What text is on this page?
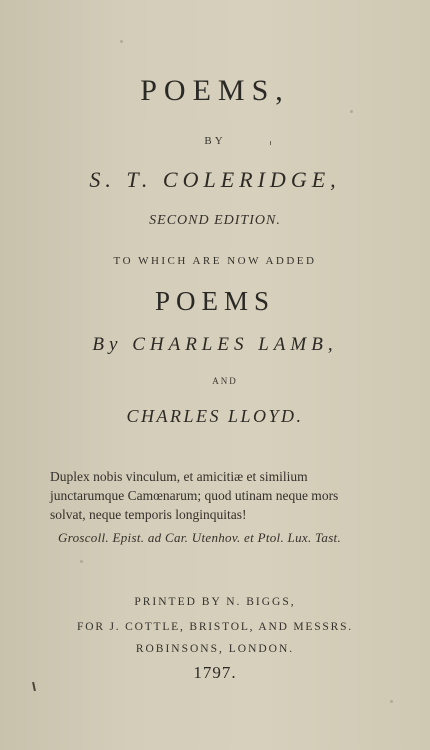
POEMS,
BY
S. T. COLERIDGE,
SECOND EDITION.
TO WHICH ARE NOW ADDED
POEMS
By CHARLES LAMB,
AND
CHARLES LLOYD.
Duplex nobis vinculum, et amicitiæ et similium
junctarumque Camœnarum; quod utinam neque mors
solvat, neque temporis longinquitas!
Groscoll. Epist. ad Car. Utenhov. et Ptol. Lux. Tast.
PRINTED BY N. BIGGS,
FOR J. COTTLE, BRISTOL, AND MESSRS.
ROBINSONS, LONDON.
1797.
